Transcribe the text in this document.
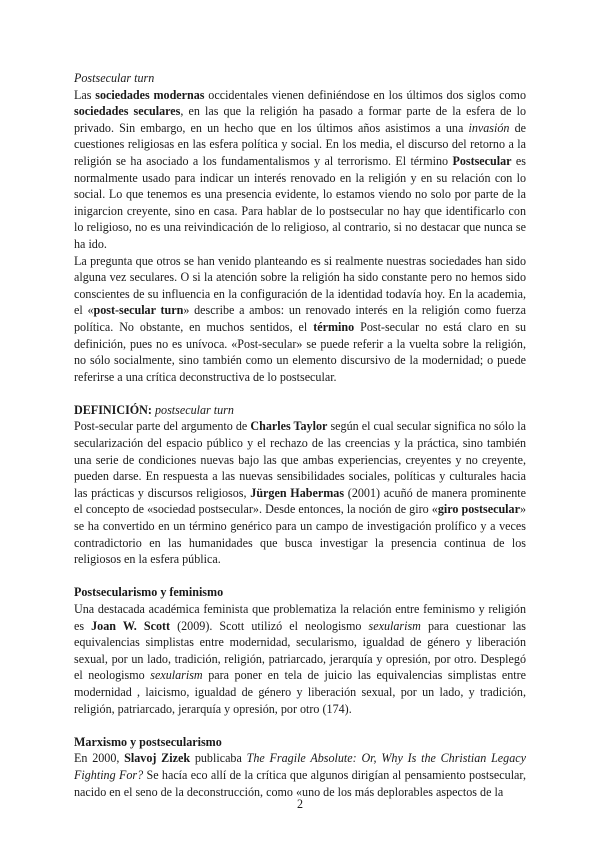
Postsecular turn

Las sociedades modernas occidentales vienen definiéndose en los últimos dos siglos como sociedades seculares, en las que la religión ha pasado a formar parte de la esfera de lo privado. Sin embargo, en un hecho que en los últimos años asistimos a una invasión de cuestiones religiosas en las esfera política y social. En los media, el discurso del retorno a la religión se ha asociado a los fundamentalismos y al terrorismo. El término Postsecular es normalmente usado para indicar un interés renovado en la religión y en su relación con lo social. Lo que tenemos es una presencia evidente, lo estamos viendo no solo por parte de la inigarcion creyente, sino en casa. Para hablar de lo postsecular no hay que identificarlo con lo religioso, no es una reivindicación de lo religioso, al contrario, si no destacar que nunca se ha ido.

La pregunta que otros se han venido planteando es si realmente nuestras sociedades han sido alguna vez seculares. O si la atención sobre la religión ha sido constante pero no hemos sido conscientes de su influencia en la configuración de la identidad todavía hoy. En la academia, el «post-secular turn» describe a ambos: un renovado interés en la religión como fuerza política. No obstante, en muchos sentidos, el término Post-secular no está claro en su definición, pues no es unívoca. «Post-secular» se puede referir a la vuelta sobre la religión, no sólo socialmente, sino también como un elemento discursivo de la modernidad; o puede referirse a una crítica deconstructiva de lo postsecular.

DEFINICIÓN: postsecular turn

Post-secular parte del argumento de Charles Taylor según el cual secular significa no sólo la secularización del espacio público y el rechazo de las creencias y la práctica, sino también una serie de condiciones nuevas bajo las que ambas experiencias, creyentes y no creyente, pueden darse. En respuesta a las nuevas sensibilidades sociales, políticas y culturales hacia las prácticas y discursos religiosos, Jürgen Habermas (2001) acuñó de manera prominente el concepto de «sociedad postsecular». Desde entonces, la noción de giro «giro postsecular» se ha convertido en un término genérico para un campo de investigación prolífico y a veces contradictorio en las humanidades que busca investigar la presencia continua de los religiosos en la esfera pública.

Postsecularismo y feminismo

Una destacada académica feminista que problematiza la relación entre feminismo y religión es Joan W. Scott (2009). Scott utilizó el neologismo sexularism para cuestionar las equivalencias simplistas entre modernidad, secularismo, igualdad de género y liberación sexual, por un lado, tradición, religión, patriarcado, jerarquía y opresión, por otro. Desplegó el neologismo sexularism para poner en tela de juicio las equivalencias simplistas entre modernidad , laicismo, igualdad de género y liberación sexual, por un lado, y tradición, religión, patriarcado, jerarquía y opresión, por otro (174).

Marxismo y postsecularismo

En 2000, Slavoj Zizek publicaba The Fragile Absolute: Or, Why Is the Christian Legacy Fighting For? Se hacía eco allí de la crítica que algunos dirigían al pensamiento postsecular, nacido en el seno de la deconstrucción, como «uno de los más deplorables aspectos de la

2
